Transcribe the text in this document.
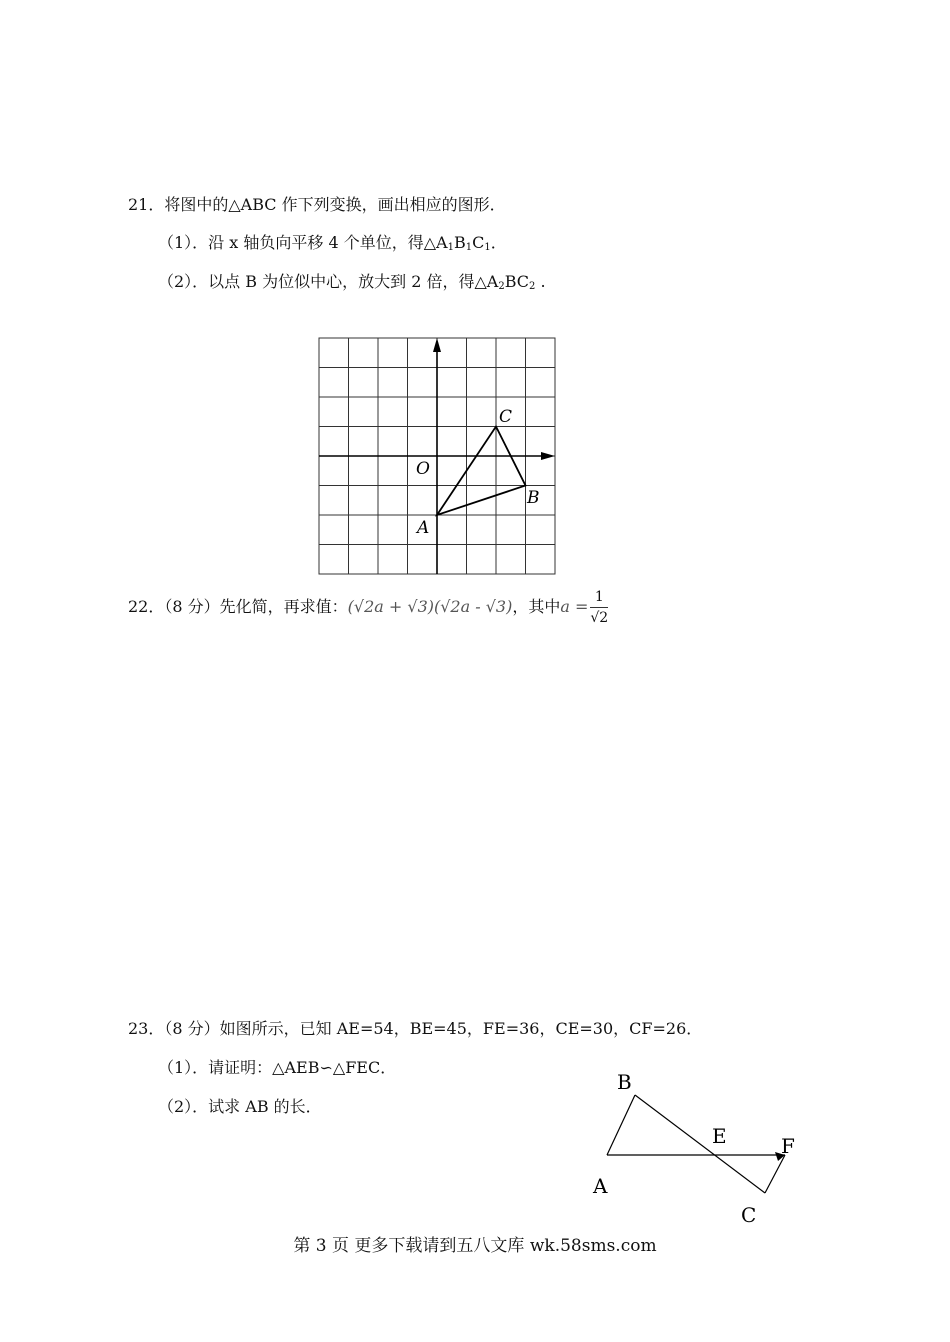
21．将图中的△ABC 作下列变换，画出相应的图形．
（1）．沿 x 轴负向平移 4 个单位，得$\triangle A_1B_1C_1$．
（2）．以点 B 为位似中心，放大到 2 倍，得$\triangle A_2BC_2$ .
O
A
B
C
22．（8 分）先化简，再求值：(√2a + √3)(√2a - √3)，其中$a = \frac{1}{√2}$
23．（8 分）如图所示，已知 AE=54，BE=45，FE=36，CE=30，CF=26．
（1）．请证明：△AEB∽△FEC．
（2）．试求 AB 的长．
B
E	F
A
C
第 3 页 更多下载请到五八文库 wk.58sms.com
